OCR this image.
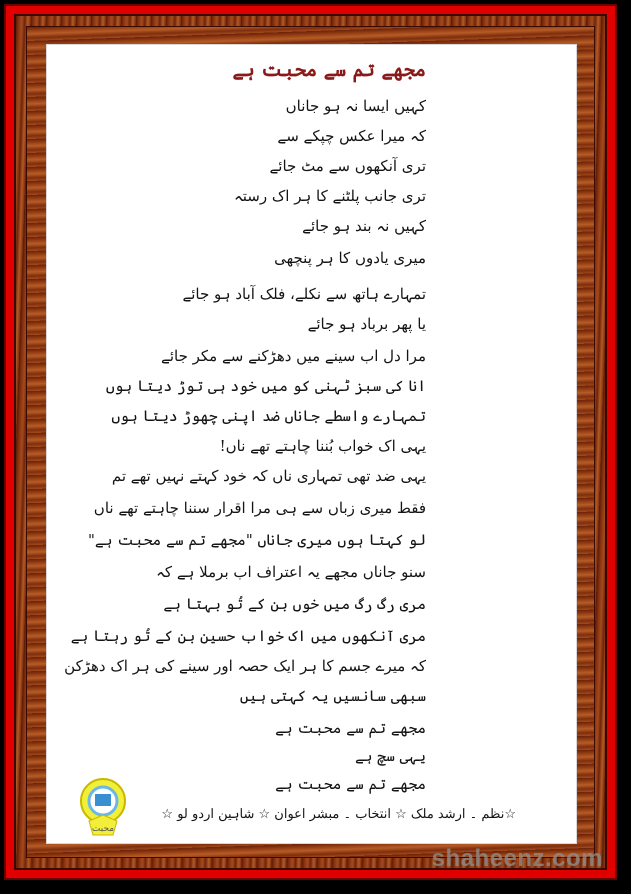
مجھے تم سے محبت ہے
کہیں ایسا نہ ہو جاناں
کہ میرا عکس چپکے سے
تری آنکھوں سے مٹ جائے
تری جانب پلٹنے کا ہر اک رستہ
کہیں نہ بند ہو جائے
میری یادوں کا ہر پنچھی
تمہارے ہاتھ سے نکلے، فلک آباد ہو جائے
یا پھر برباد ہو جائے
مرا دل اب سینے میں دھڑکنے سے مکر جائے
انا کی سبز ٹہنی کو میں خود ہی توڑ دیتا ہوں
تمہارے واسطے جاناں ضد اپنی چھوڑ دیتا ہوں
یہی اک خواب بُننا چاہتے تھے ناں!
یہی ضد تھی تمہاری ناں کہ خود کہتے نہیں تھے تم
فقط میری زباں سے ہی مرا اقرار سننا چاہتے تھے ناں
لو کہتا ہوں میری جاناں "مجھے تم سے محبت ہے"
سنو جاناں مجھے یہ اعتراف اب برملا ہے کہ
مری رگ رگ میں خوں بن کے تُو بہتا ہے
مری آنکھوں میں اک خواب حسین بن کے تُو رہتا ہے
کہ میرے جسم کا ہر ایک حصہ اور سینے کی ہر اک دھڑکن
سبھی سانسیں یہ کہتی ہیں
مجھے تم سے محبت ہے
یہی سچ ہے
مجھے تم سے محبت ہے
☆نظم ۔ ارشد ملک ☆ انتخاب ۔ مبشر اعوان ☆ شاہین اردو لو ☆
محبت
shaheenz.com
